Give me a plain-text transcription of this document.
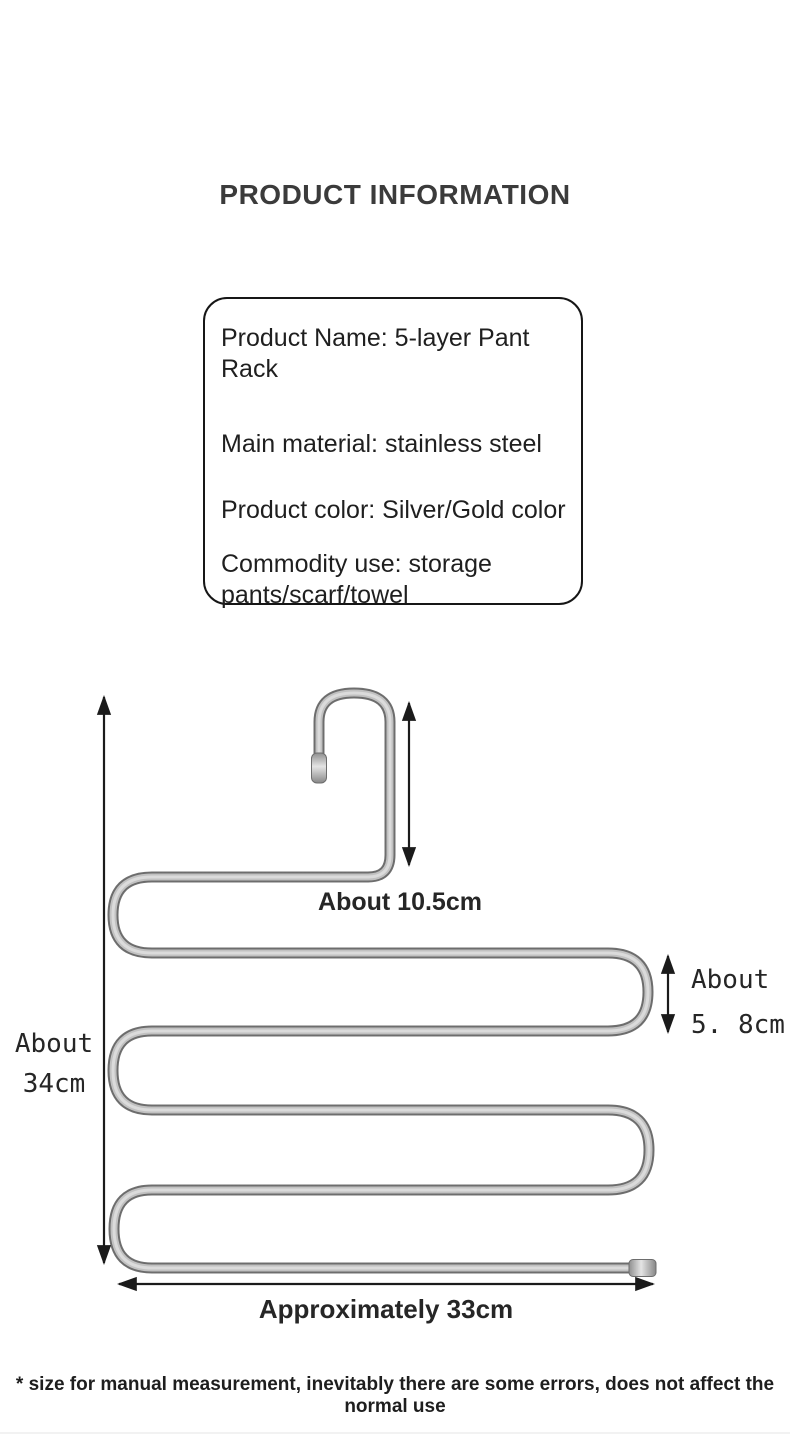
PRODUCT INFORMATION

Product Name: 5-layer Pant Rack

Main material: stainless steel

Product color: Silver/Gold color

Commodity use: storage pants/scarf/towel

About 10.5cm
About
34cm
About
5. 8cm
Approximately 33cm
* size for manual measurement, inevitably there are some errors, does not affect the normal use
